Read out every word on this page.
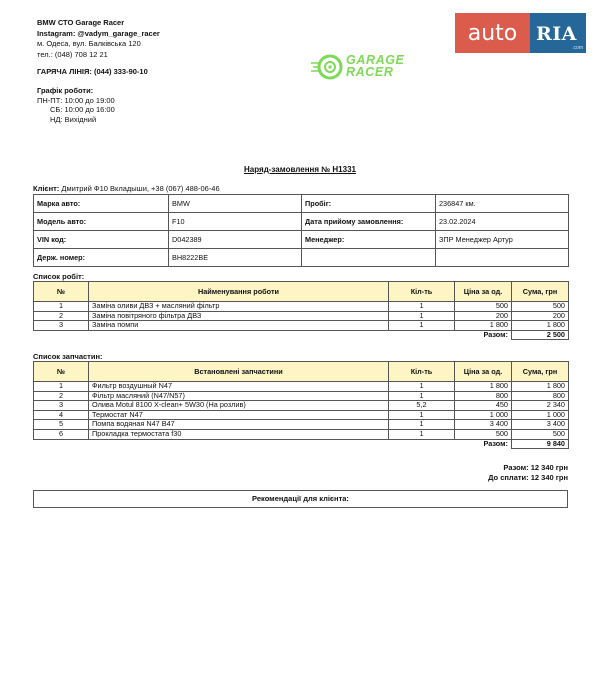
auto RIA
.com
BMW СТО Garage Racer
Instagram: @vadym_garage_racer
м. Одеса, вул. Балківська 120
тел.: (048) 708 12 21
ГАРЯЧА ЛІНІЯ: (044) 333-90-10
Графік роботи:
ПН-ПТ: 10:00 до 19:00
СБ: 10:00 до 16:00
НД: Вихідний
GARAGE
RACER
Наряд-замовлення № Н1331
Клієнт: Дмитрий Ф10 Вкладыши, +38 (067) 488-06-46
Марка авто:	BMW	Пробіг:	236847 км.
Модель авто:	F10	Дата прийому замовлення:	23.02.2024
VIN код:	D042389	Менеджер:	ЗПР Менеджер Артур
Держ. номер:	BH8222BE		
Список робіт:
№	Найменування роботи	Кіл-ть	Ціна за од.	Сума, грн
1	Заміна оливи ДВЗ + масляний фільтр	1	500	500
2	Заміна повітряного фільтра ДВЗ	1	200	200
3	Заміна помпи	1	1 800	1 800
			Разом:	2 500
Список запчастин:
№	Встановлені запчастини	Кіл-ть	Ціна за од.	Сума, грн
1	Фильтр воздушный N47	1	1 800	1 800
2	Фільтр масляний (N47/N57)	1	800	800
3	Олива Motul 8100 X-clean+ 5W30 (На розлив)	5,2	450	2 340
4	Термостат N47	1	1 000	1 000
5	Помпа водяная N47 B47	1	3 400	3 400
6	Прокладка термостата f30	1	500	500
			Разом:	9 840
Разом: 12 340 грн
До сплати: 12 340 грн
Рекомендації для клієнта:
